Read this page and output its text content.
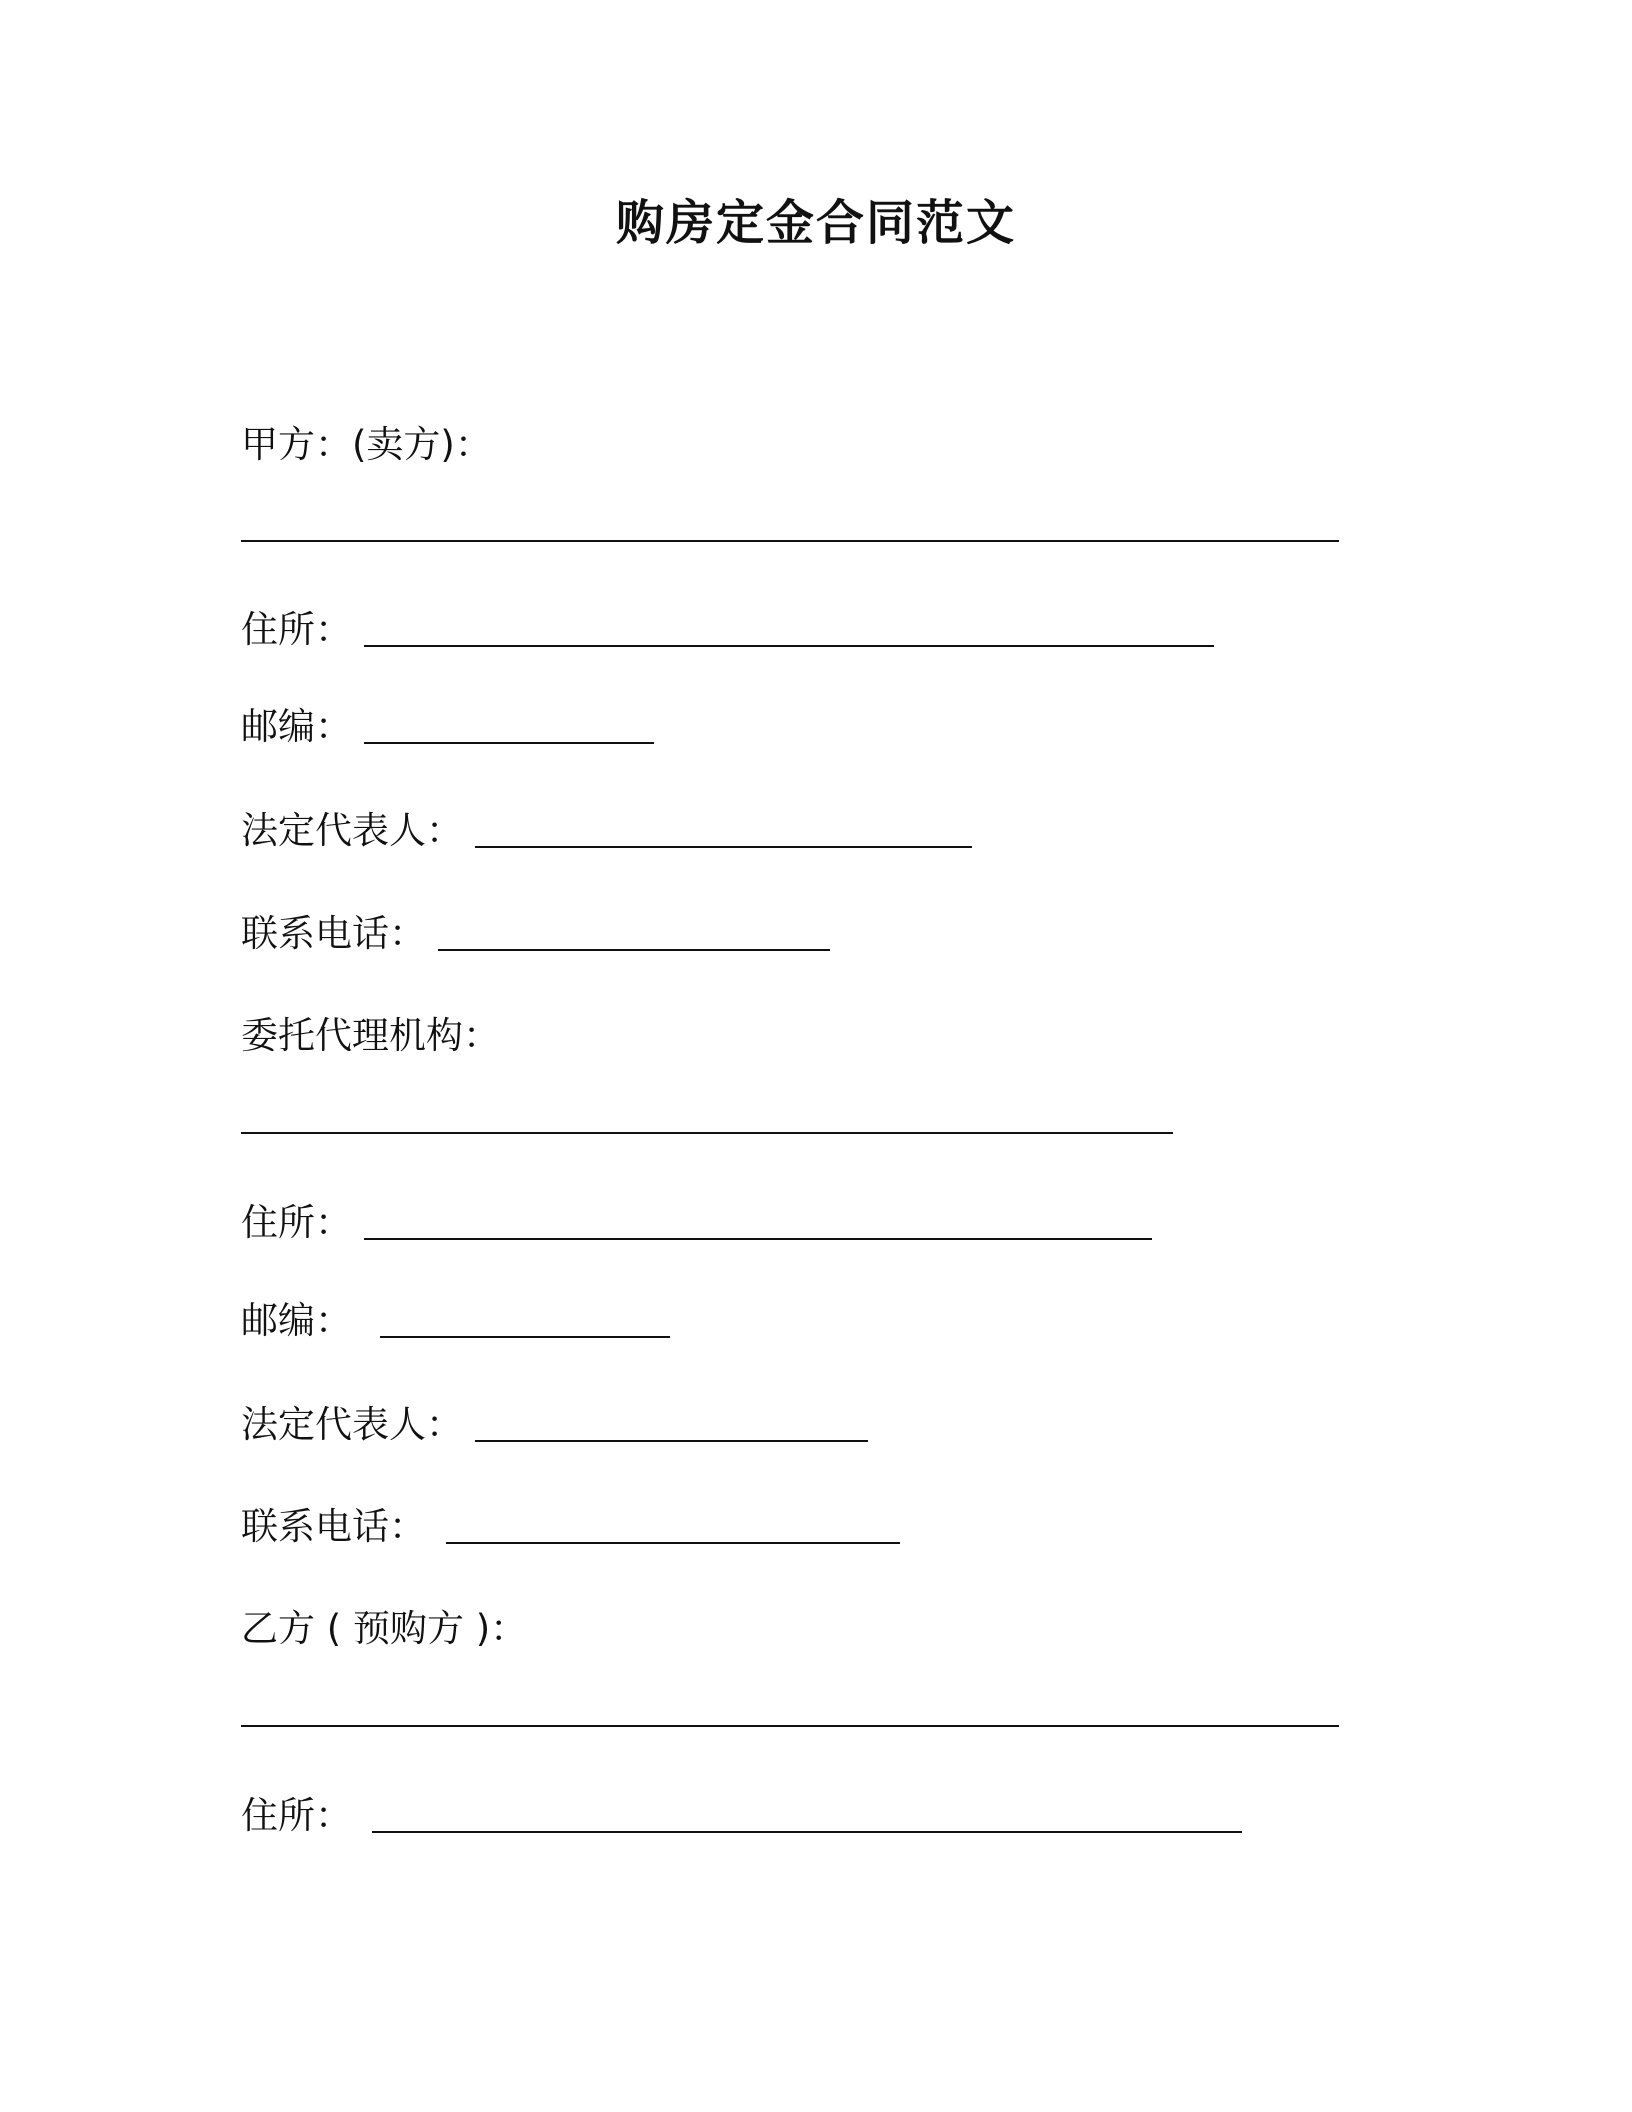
购房定金合同范文
甲方：(卖方)：
住所：
邮编：
法定代表人：
联系电话：
委托代理机构：
住所：
邮编：
法定代表人：
联系电话：
乙方 ( 预购方 )：
住所：
